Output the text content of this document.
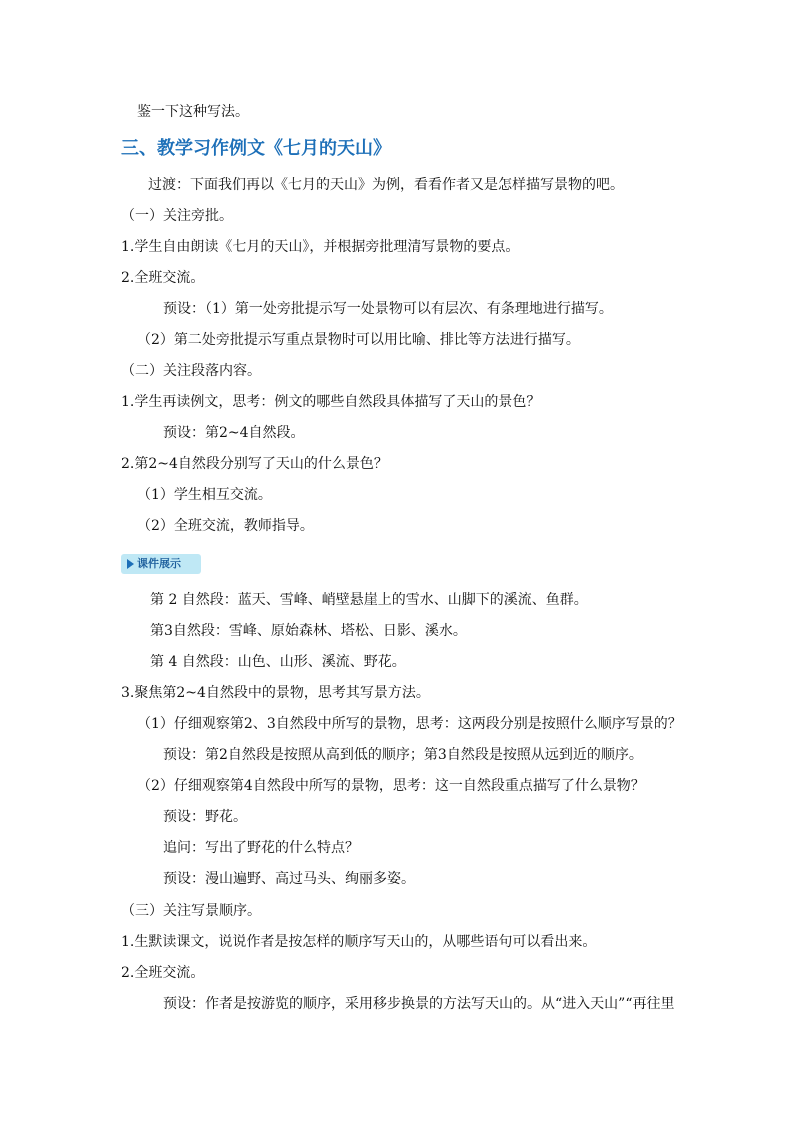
鉴一下这种写法。
三、教学习作例文《七月的天山》
过渡：下面我们再以《七月的天山》为例，看看作者又是怎样描写景物的吧。
（一）关注旁批。
1.学生自由朗读《七月的天山》，并根据旁批理清写景物的要点。
2.全班交流。
预设：（1）第一处旁批提示写一处景物可以有层次、有条理地进行描写。
（2）第二处旁批提示写重点景物时可以用比喻、排比等方法进行描写。
（二）关注段落内容。
1.学生再读例文，思考：例文的哪些自然段具体描写了天山的景色？
预设：第2~4自然段。
2.第2~4自然段分别写了天山的什么景色？
（1）学生相互交流。
（2）全班交流，教师指导。
课件展示
第 2 自然段：蓝天、雪峰、峭壁悬崖上的雪水、山脚下的溪流、鱼群。
第3自然段：雪峰、原始森林、塔松、日影、溪水。
第 4 自然段：山色、山形、溪流、野花。
3.聚焦第2~4自然段中的景物，思考其写景方法。
（1）仔细观察第2、3自然段中所写的景物，思考：这两段分别是按照什么顺序写景的？
预设：第2自然段是按照从高到低的顺序；第3自然段是按照从远到近的顺序。
（2）仔细观察第4自然段中所写的景物，思考：这一自然段重点描写了什么景物？
预设：野花。
追问：写出了野花的什么特点？
预设：漫山遍野、高过马头、绚丽多姿。
（三）关注写景顺序。
1.生默读课文，说说作者是按怎样的顺序写天山的，从哪些语句可以看出来。
2.全班交流。
预设：作者是按游览的顺序，采用移步换景的方法写天山的。从“进入天山”“再往里
